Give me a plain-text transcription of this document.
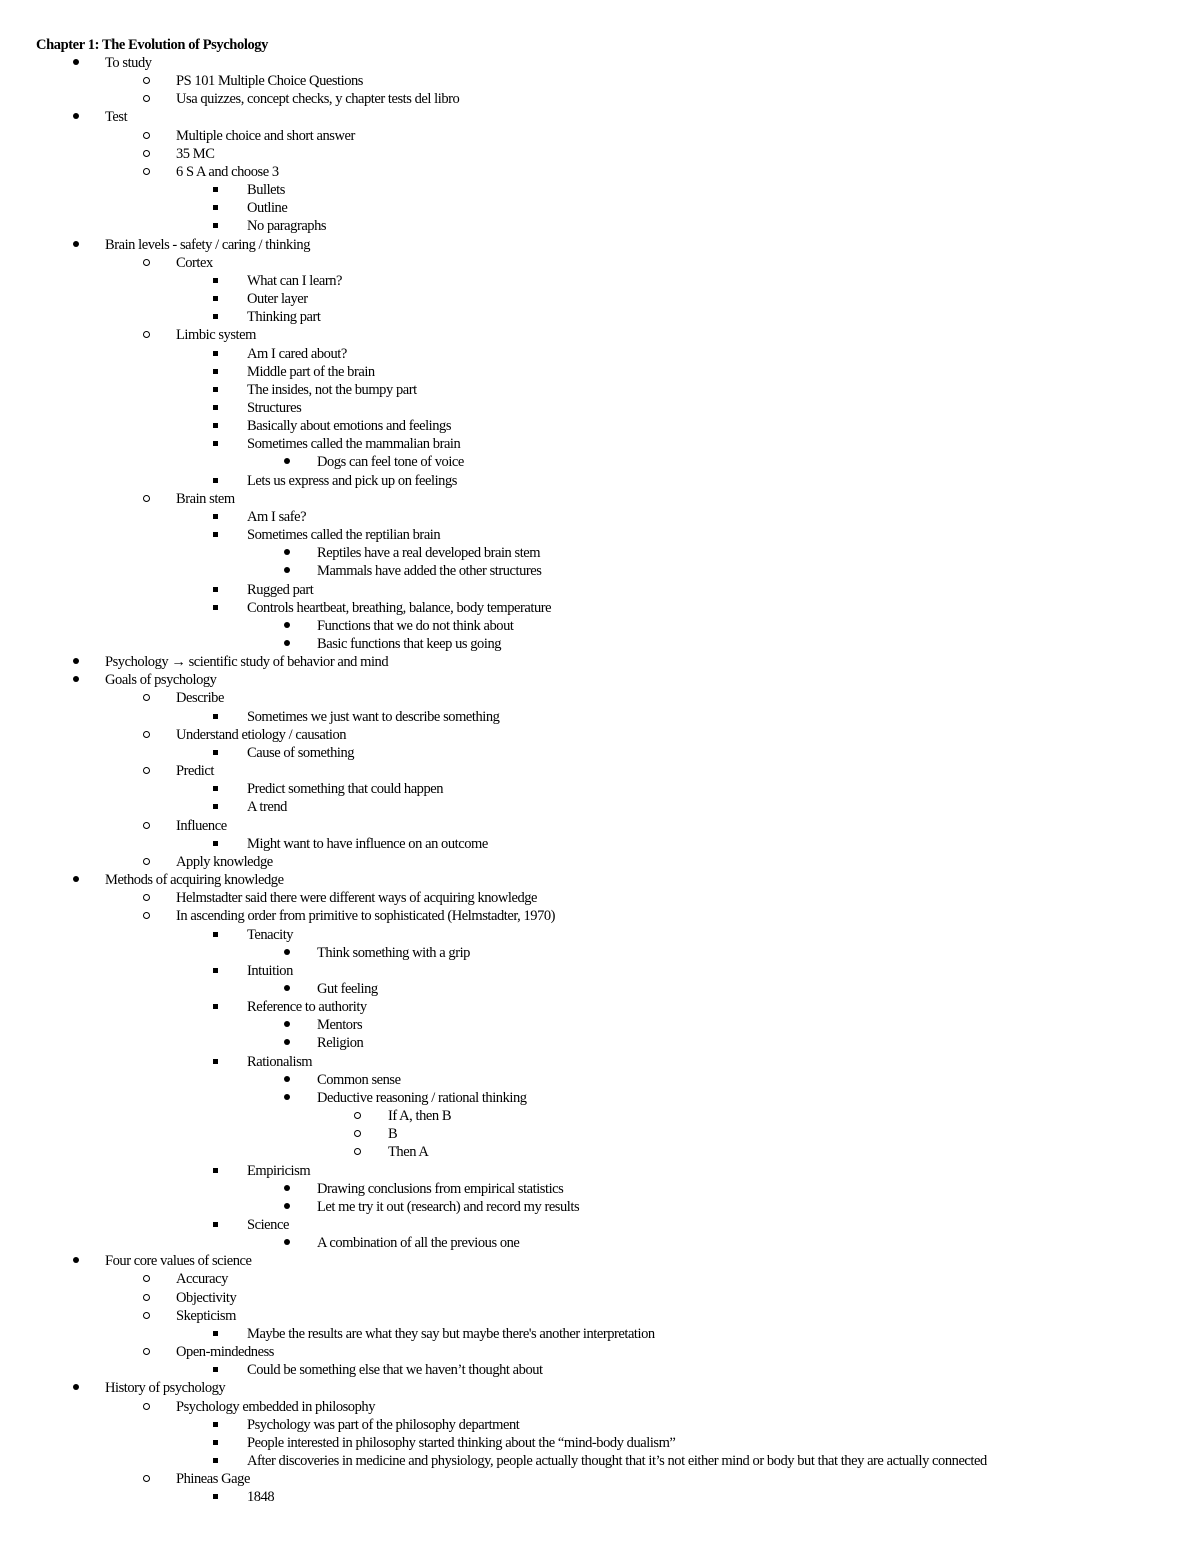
Chapter 1: The Evolution of Psychology
To study
PS 101 Multiple Choice Questions
Usa quizzes, concept checks, y chapter tests del libro
Test
Multiple choice and short answer
35 MC
6 S A and choose 3
Bullets
Outline
No paragraphs
Brain levels - safety / caring / thinking
Cortex
What can I learn?
Outer layer
Thinking part
Limbic system
Am I cared about?
Middle part of the brain
The insides, not the bumpy part
Structures
Basically about emotions and feelings
Sometimes called the mammalian brain
Dogs can feel tone of voice
Lets us express and pick up on feelings
Brain stem
Am I safe?
Sometimes called the reptilian brain
Reptiles have a real developed brain stem
Mammals have added the other structures
Rugged part
Controls heartbeat, breathing, balance, body temperature
Functions that we do not think about
Basic functions that keep us going
Psychology → scientific study of behavior and mind
Goals of psychology
Describe
Sometimes we just want to describe something
Understand etiology / causation
Cause of something
Predict
Predict something that could happen
A trend
Influence
Might want to have influence on an outcome
Apply knowledge
Methods of acquiring knowledge
Helmstadter said there were different ways of acquiring knowledge
In ascending order from primitive to sophisticated (Helmstadter, 1970)
Tenacity
Think something with a grip
Intuition
Gut feeling
Reference to authority
Mentors
Religion
Rationalism
Common sense
Deductive reasoning / rational thinking
If A, then B
B
Then A
Empiricism
Drawing conclusions from empirical statistics
Let me try it out (research) and record my results
Science
A combination of all the previous one
Four core values of science
Accuracy
Objectivity
Skepticism
Maybe the results are what they say but maybe there's another interpretation
Open-mindedness
Could be something else that we haven’t thought about
History of psychology
Psychology embedded in philosophy
Psychology was part of the philosophy department
People interested in philosophy started thinking about the “mind-body dualism”
After discoveries in medicine and physiology, people actually thought that it’s not either mind or body but that they are actually connected
Phineas Gage
1848
